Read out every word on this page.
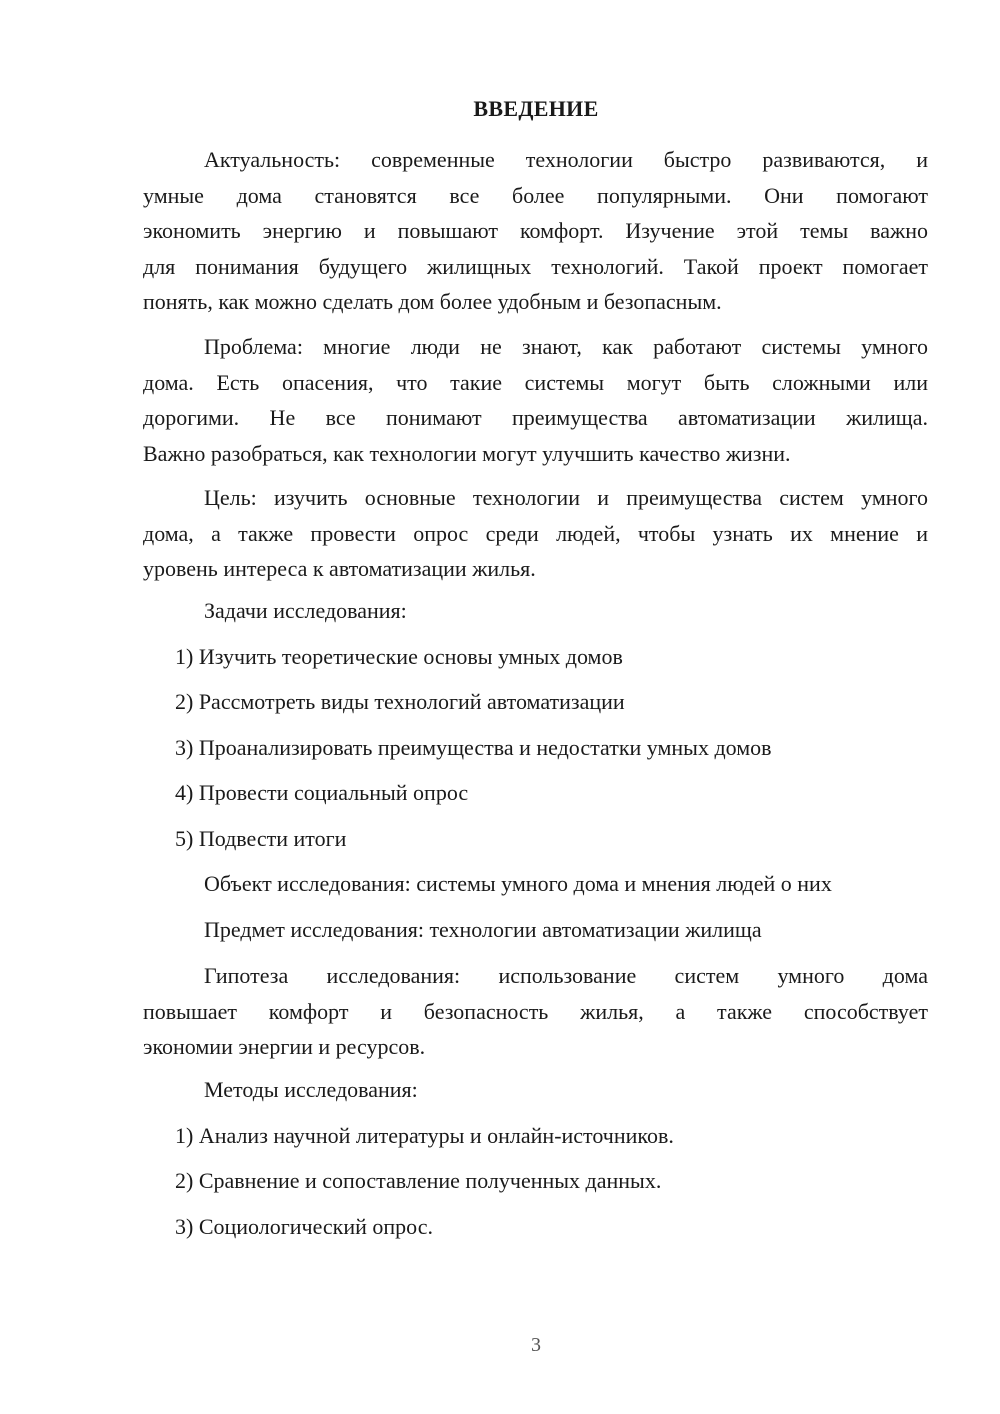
ВВЕДЕНИЕ
Актуальность: современные технологии быстро развиваются, и
умные дома становятся все более популярными. Они помогают
экономить энергию и повышают комфорт. Изучение этой темы важно
для понимания будущего жилищных технологий. Такой проект помогает
понять, как можно сделать дом более удобным и безопасным.
Проблема: многие люди не знают, как работают системы умного
дома. Есть опасения, что такие системы могут быть сложными или
дорогими. Не все понимают преимущества автоматизации жилища.
Важно разобраться, как технологии могут улучшить качество жизни.
Цель: изучить основные технологии и преимущества систем умного
дома, а также провести опрос среди людей, чтобы узнать их мнение и
уровень интереса к автоматизации жилья.
Задачи исследования:
1) Изучить теоретические основы умных домов
2) Рассмотреть виды технологий автоматизации
3) Проанализировать преимущества и недостатки умных домов
4) Провести социальный опрос
5) Подвести итоги
Объект исследования: системы умного дома и мнения людей о них
Предмет исследования: технологии автоматизации жилища
Гипотеза исследования: использование систем умного дома
повышает комфорт и безопасность жилья, а также способствует
экономии энергии и ресурсов.
Методы исследования:
1) Анализ научной литературы и онлайн-источников.
2) Сравнение и сопоставление полученных данных.
3) Социологический опрос.
3
